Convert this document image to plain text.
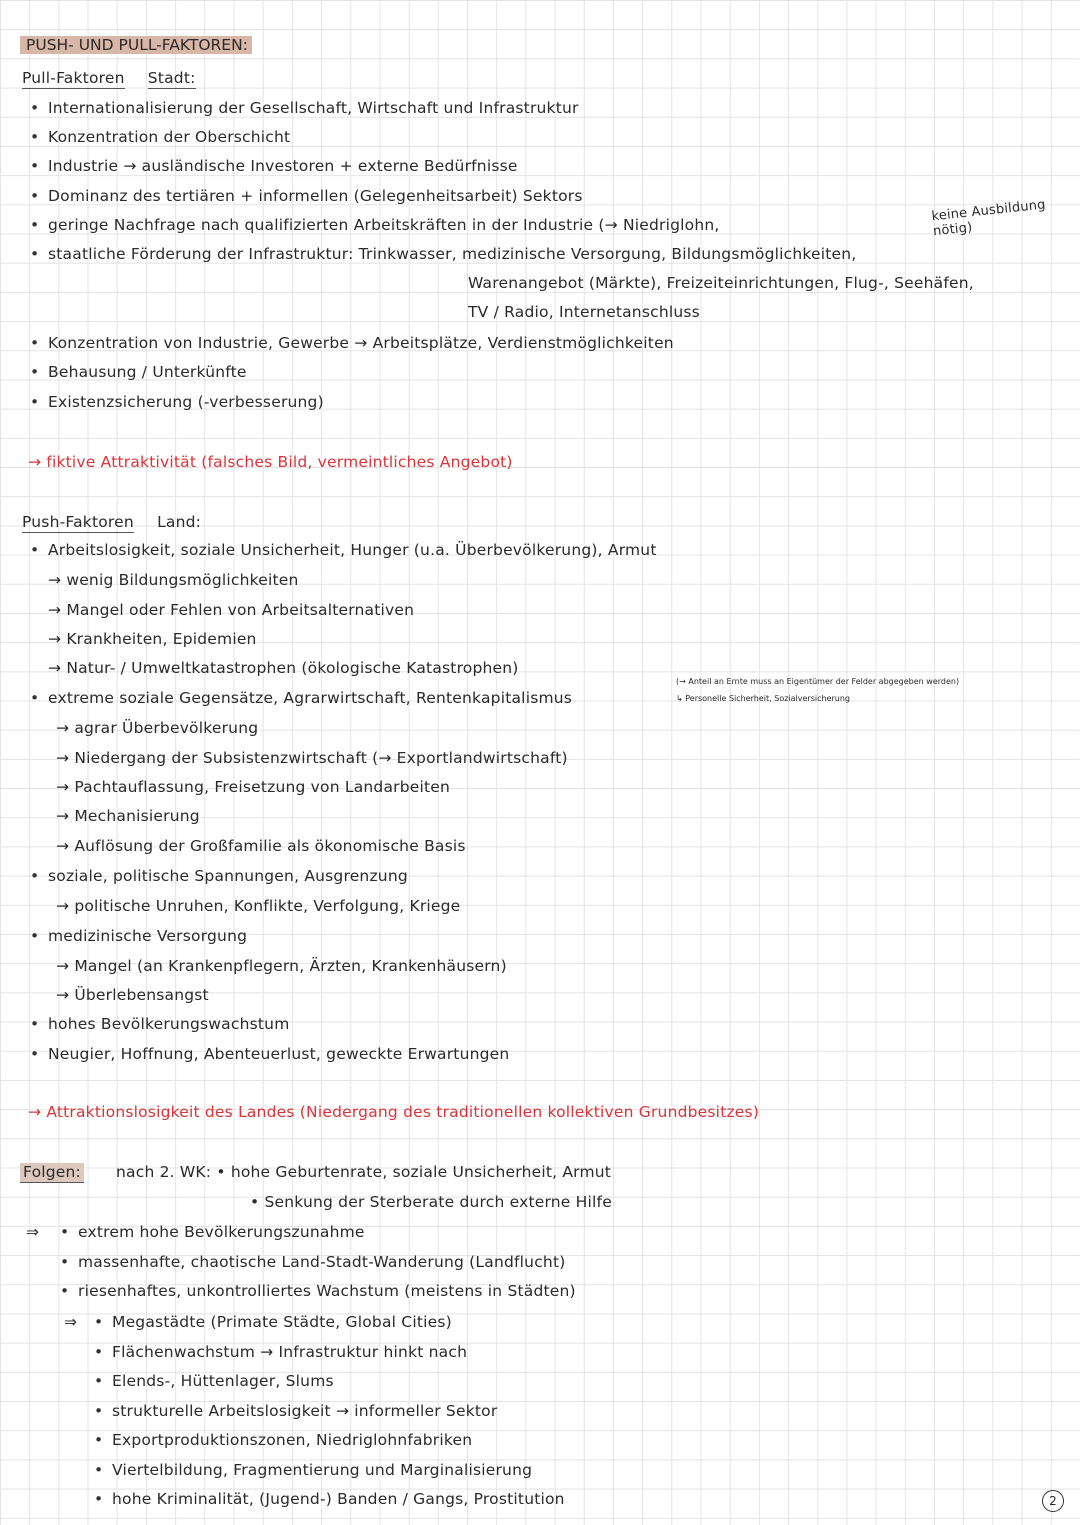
PUSH- UND PULL-FAKTOREN:
Pull-Faktoren Stadt:
• Internationalisierung der Gesellschaft, Wirtschaft und Infrastruktur
• Konzentration der Oberschicht
• Industrie → ausländische Investoren + externe Bedürfnisse
• Dominanz des tertiären + informellen (Gelegenheitsarbeit) Sektors
keine Ausbildung nötig)
• geringe Nachfrage nach qualifizierten Arbeitskräften in der Industrie (→ Niedriglohn,
• staatliche Förderung der Infrastruktur: Trinkwasser, medizinische Versorgung, Bildungsmöglichkeiten,
Warenangebot (Märkte), Freizeiteinrichtungen, Flug-, Seehäfen,
TV / Radio, Internetanschluss
• Konzentration von Industrie, Gewerbe → Arbeitsplätze, Verdienstmöglichkeiten
• Behausung / Unterkünfte
• Existenzsicherung (-verbesserung)
→ fiktive Attraktivität (falsches Bild, vermeintliches Angebot)
Push-Faktoren Land:
• Arbeitslosigkeit, soziale Unsicherheit, Hunger (u.a. Überbevölkerung), Armut
→ wenig Bildungsmöglichkeiten
→ Mangel oder Fehlen von Arbeitsalternativen
→ Krankheiten, Epidemien
→ Natur- / Umweltkatastrophen (ökologische Katastrophen)
(→ Anteil an Ernte muss an Eigentümer der Felder abgegeben werden)
↳ Personelle Sicherheit, Sozialversicherung
• extreme soziale Gegensätze, Agrarwirtschaft, Rentenkapitalismus
→ agrar Überbevölkerung
→ Niedergang der Subsistenzwirtschaft (→ Exportlandwirtschaft)
→ Pachtauflassung, Freisetzung von Landarbeiten
→ Mechanisierung
→ Auflösung der Großfamilie als ökonomische Basis
• soziale, politische Spannungen, Ausgrenzung
→ politische Unruhen, Konflikte, Verfolgung, Kriege
• medizinische Versorgung
→ Mangel (an Krankenpflegern, Ärzten, Krankenhäusern)
→ Überlebensangst
• hohes Bevölkerungswachstum
• Neugier, Hoffnung, Abenteuerlust, geweckte Erwartungen
→ Attraktionslosigkeit des Landes (Niedergang des traditionellen kollektiven Grundbesitzes)
Folgen: nach 2. WK: • hohe Geburtenrate, soziale Unsicherheit, Armut
• Senkung der Sterberate durch externe Hilfe
⇒	• extrem hohe Bevölkerungszunahme
• massenhafte, chaotische Land-Stadt-Wanderung (Landflucht)
• riesenhaftes, unkontrolliertes Wachstum (meistens in Städten)
⇒ • Megastädte (Primate Städte, Global Cities)
• Flächenwachstum → Infrastruktur hinkt nach
• Elends-, Hüttenlager, Slums
• strukturelle Arbeitslosigkeit → informeller Sektor
• Exportproduktionszonen, Niedriglohnfabriken
• Viertelbildung, Fragmentierung und Marginalisierung
• hohe Kriminalität, (Jugend-) Banden / Gangs, Prostitution	2
